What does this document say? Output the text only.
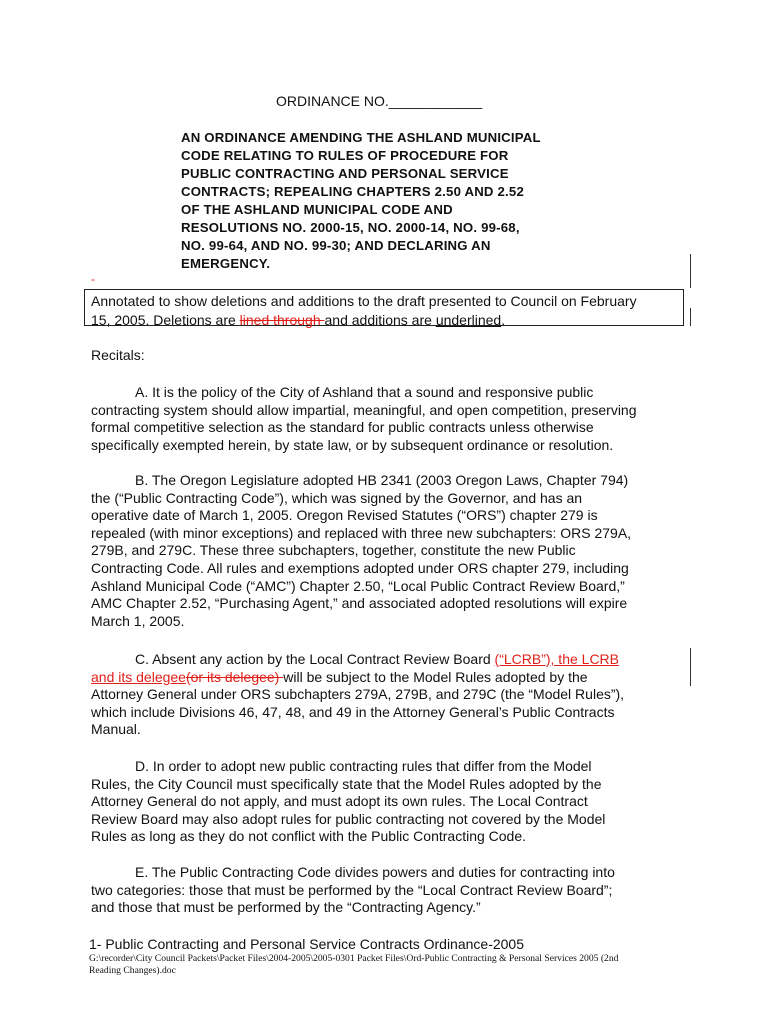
ORDINANCE NO.____________
AN ORDINANCE AMENDING THE ASHLAND MUNICIPAL
CODE RELATING TO RULES OF PROCEDURE FOR
PUBLIC CONTRACTING AND PERSONAL SERVICE
CONTRACTS; REPEALING CHAPTERS 2.50 AND 2.52
OF THE ASHLAND MUNICIPAL CODE AND
RESOLUTIONS NO. 2000-15, NO. 2000-14, NO. 99-68,
NO. 99-64, AND NO. 99-30; AND DECLARING AN
EMERGENCY.
-
Annotated to show deletions and additions to the draft presented to Council on February
15, 2005. Deletions are lined through and additions are underlined.
Recitals:
A. It is the policy of the City of Ashland that a sound and responsive public
contracting system should allow impartial, meaningful, and open competition, preserving
formal competitive selection as the standard for public contracts unless otherwise
specifically exempted herein, by state law, or by subsequent ordinance or resolution.
B. The Oregon Legislature adopted HB 2341 (2003 Oregon Laws, Chapter 794)
the (“Public Contracting Code”), which was signed by the Governor, and has an
operative date of March 1, 2005. Oregon Revised Statutes (“ORS”) chapter 279 is
repealed (with minor exceptions) and replaced with three new subchapters: ORS 279A,
279B, and 279C. These three subchapters, together, constitute the new Public
Contracting Code. All rules and exemptions adopted under ORS chapter 279, including
Ashland Municipal Code (“AMC”) Chapter 2.50, “Local Public Contract Review Board,”
AMC Chapter 2.52, “Purchasing Agent,” and associated adopted resolutions will expire
March 1, 2005.
C. Absent any action by the Local Contract Review Board (“LCRB”), the LCRB
and its delegee(or its delegee) will be subject to the Model Rules adopted by the
Attorney General under ORS subchapters 279A, 279B, and 279C (the “Model Rules”),
which include Divisions 46, 47, 48, and 49 in the Attorney General’s Public Contracts
Manual.
D. In order to adopt new public contracting rules that differ from the Model
Rules, the City Council must specifically state that the Model Rules adopted by the
Attorney General do not apply, and must adopt its own rules. The Local Contract
Review Board may also adopt rules for public contracting not covered by the Model
Rules as long as they do not conflict with the Public Contracting Code.
E. The Public Contracting Code divides powers and duties for contracting into
two categories: those that must be performed by the “Local Contract Review Board”;
and those that must be performed by the “Contracting Agency.”
1- Public Contracting and Personal Service Contracts Ordinance-2005
G:\recorder\City Council Packets\Packet Files\2004-2005\2005-0301 Packet Files\Ord-Public Contracting & Personal Services 2005 (2nd
Reading Changes).doc
